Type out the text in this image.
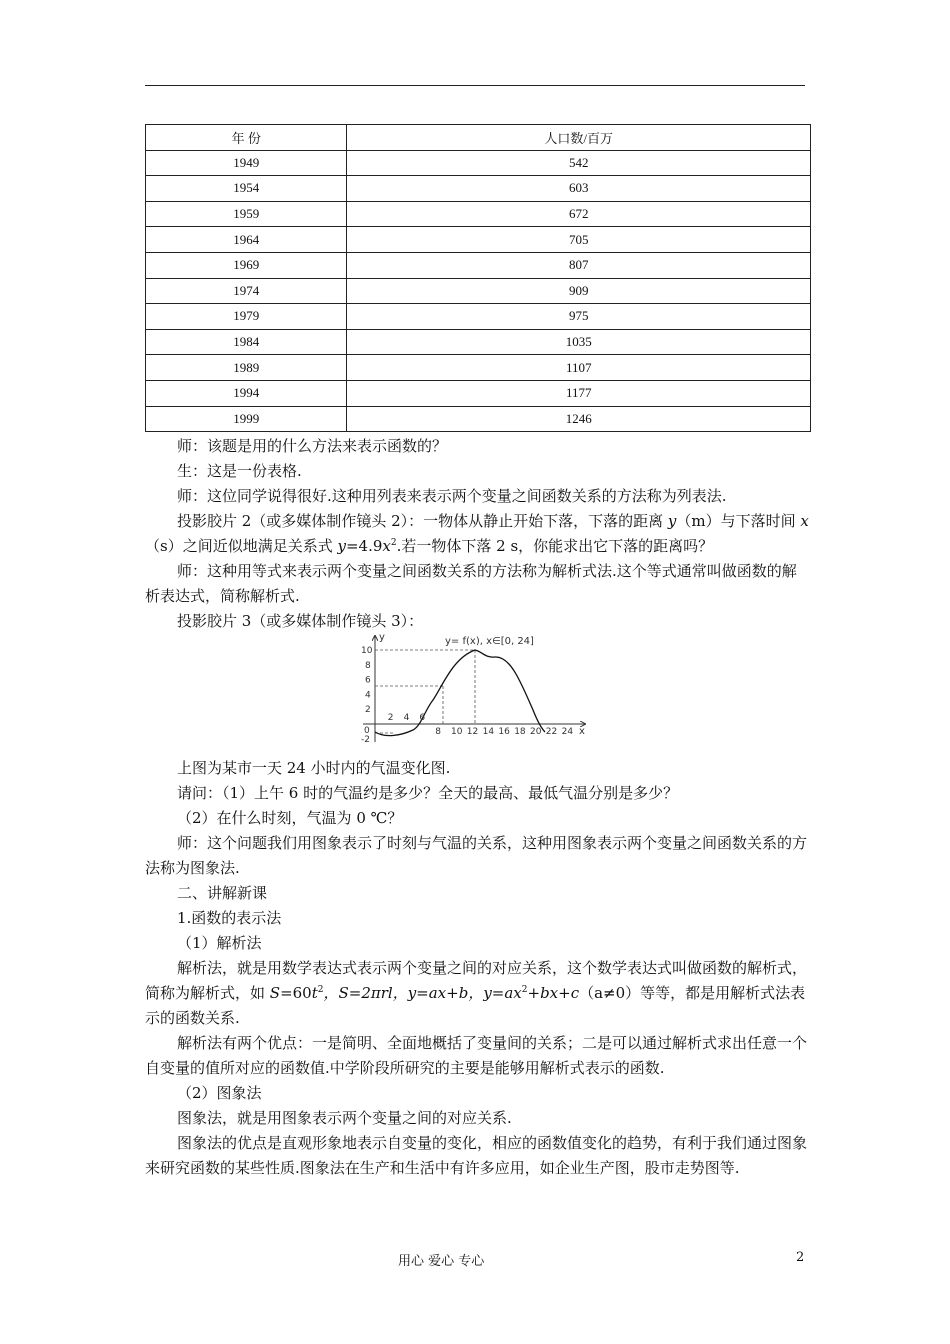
年 份	人口数/百万
1949	542
1954	603
1959	672
1964	705
1969	807
1974	909
1979	975
1984	1035
1989	1107
1994	1177
1999	1246

师：该题是用的什么方法来表示函数的？

生：这是一份表格.

师：这位同学说得很好.这种用列表来表示两个变量之间函数关系的方法称为列表法.

投影胶片 2（或多媒体制作镜头 2）：一物体从静止开始下落，下落的距离 y（m）与下落时间 x（s）之间近似地满足关系式 $y=4.9x^2$.若一物体下落 2 s，你能求出它下落的距离吗？

师：这种用等式来表示两个变量之间函数关系的方法称为解析式法.这个等式通常叫做函数的解析表达式，简称解析式.

投影胶片 3（或多媒体制作镜头 3）：

y= f(x), x∈[0, 24]
y
x
0
10
8
6
4
2
-2
2 4 6
8 10 12 14 16 18 20 22 24

上图为某市一天 24 小时内的气温变化图.

请问：（1）上午 6 时的气温约是多少？全天的最高、最低气温分别是多少？

（2）在什么时刻，气温为 0 ℃？

师：这个问题我们用图象表示了时刻与气温的关系，这种用图象表示两个变量之间函数关系的方法称为图象法.

二、讲解新课

1.函数的表示法

（1）解析法

解析法，就是用数学表达式表示两个变量之间的对应关系，这个数学表达式叫做函数的解析式，简称为解析式，如 $S=60t^2$，S=2πrl，y=ax+b，$y=ax^2+bx+c(a\ne 0)$等等，都是用解析式法表示的函数关系.

解析法有两个优点：一是简明、全面地概括了变量间的关系；二是可以通过解析式求出任意一个自变量的值所对应的函数值.中学阶段所研究的主要是能够用解析式表示的函数.

（2）图象法

图象法，就是用图象表示两个变量之间的对应关系.

图象法的优点是直观形象地表示自变量的变化，相应的函数值变化的趋势，有利于我们通过图象来研究函数的某些性质.图象法在生产和生活中有许多应用，如企业生产图，股市走势图等.

用心 爱心 专心	2
